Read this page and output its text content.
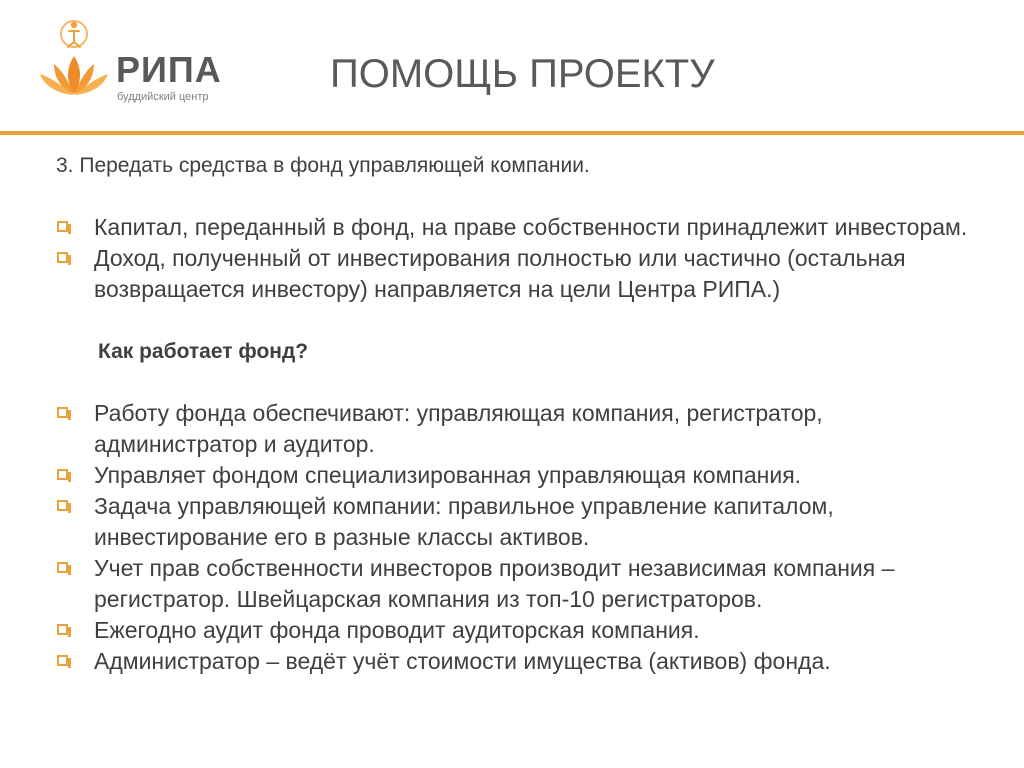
РИПА
буддийский центр
ПОМОЩЬ ПРОЕКТУ

3. Передать средства в фонд управляющей компании.

Капитал, переданный в фонд, на праве собственности принадлежит инвесторам.
Доход, полученный от инвестирования полностью или частично (остальная возвращается инвестору) направляется на цели Центра РИПА.)

Как работает фонд?

Работу фонда обеспечивают: управляющая компания, регистратор, администратор и аудитор.
Управляет фондом специализированная управляющая компания.
Задача управляющей компании: правильное управление капиталом, инвестирование его в разные классы активов.
Учет прав собственности инвесторов производит независимая компания – регистратор. Швейцарская компания из топ-10 регистраторов.
Ежегодно аудит фонда проводит аудиторская компания.
Администратор – ведёт учёт стоимости имущества (активов) фонда.
